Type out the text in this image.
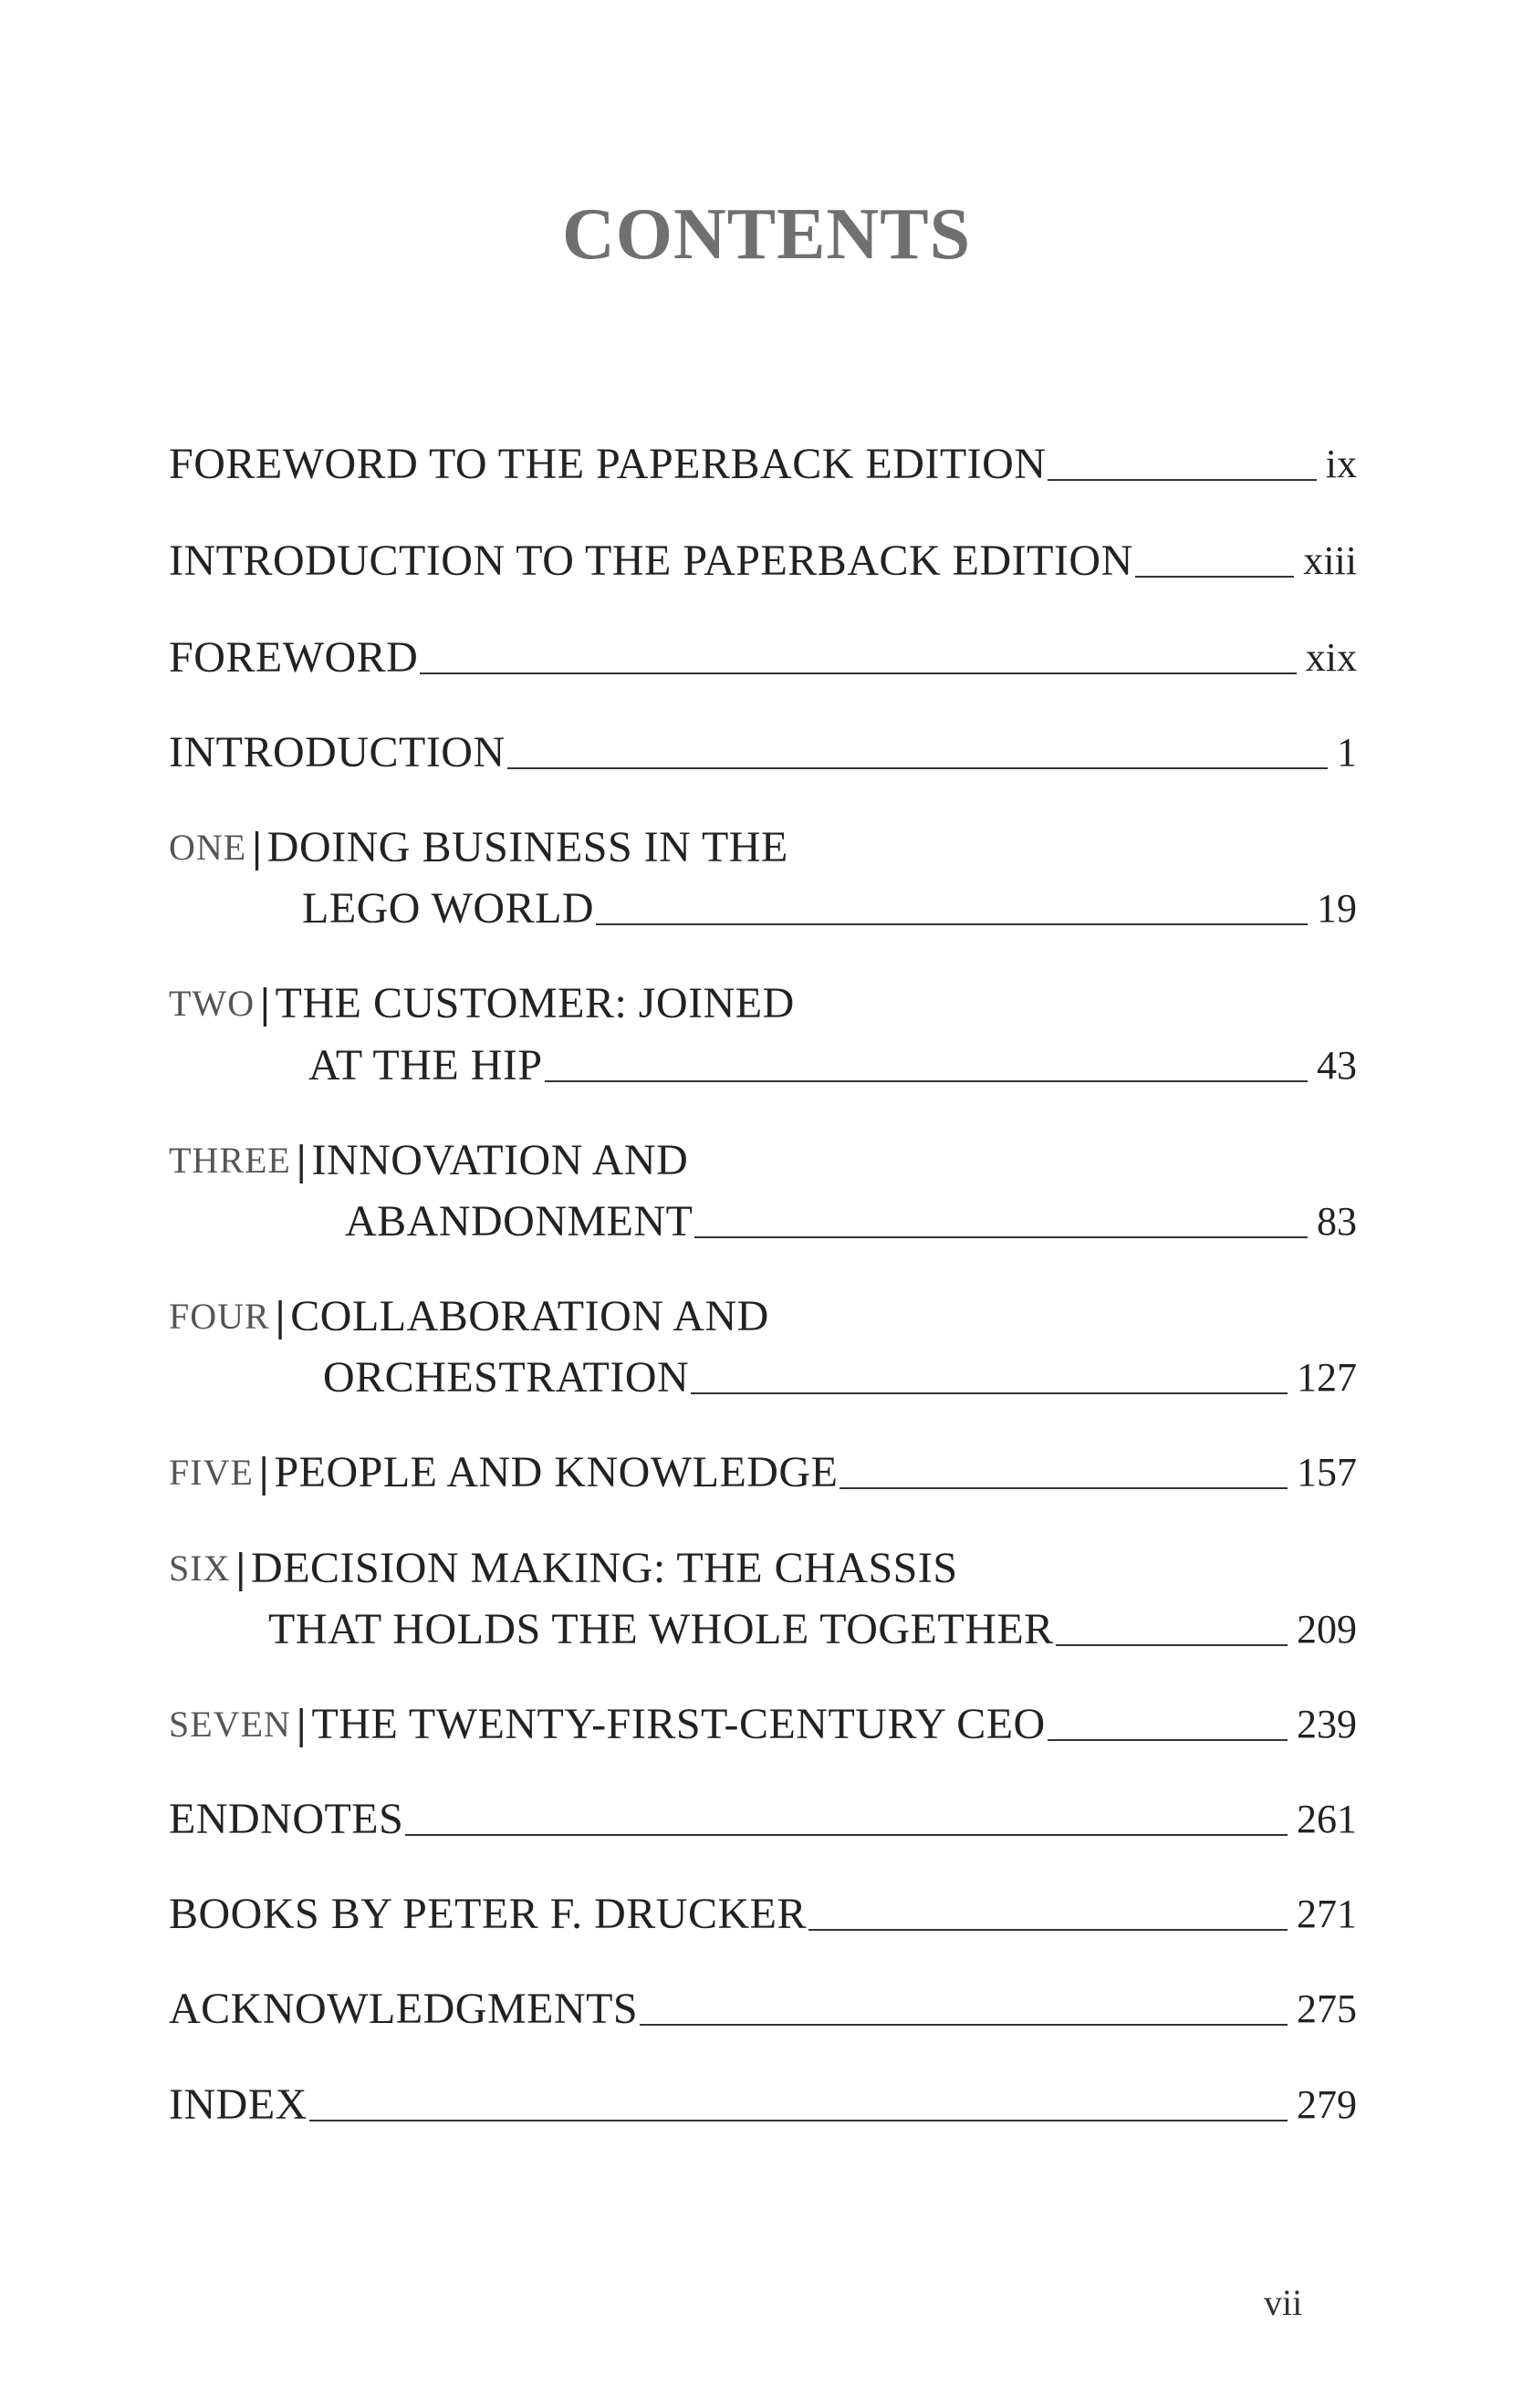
CONTENTS
FOREWORD TO THE PAPERBACK EDITION	ix
INTRODUCTION TO THE PAPERBACK EDITION	xiii
FOREWORD	xix
INTRODUCTION	1
ONE | DOING BUSINESS IN THE
LEGO WORLD	19
TWO | THE CUSTOMER: JOINED
AT THE HIP	43
THREE | INNOVATION AND
ABANDONMENT	83
FOUR | COLLABORATION AND
ORCHESTRATION	127
FIVE | PEOPLE AND KNOWLEDGE	157
SIX | DECISION MAKING: THE CHASSIS
THAT HOLDS THE WHOLE TOGETHER	209
SEVEN | THE TWENTY-FIRST-CENTURY CEO	239
ENDNOTES	261
BOOKS BY PETER F. DRUCKER	271
ACKNOWLEDGMENTS	275
INDEX	279
vii
